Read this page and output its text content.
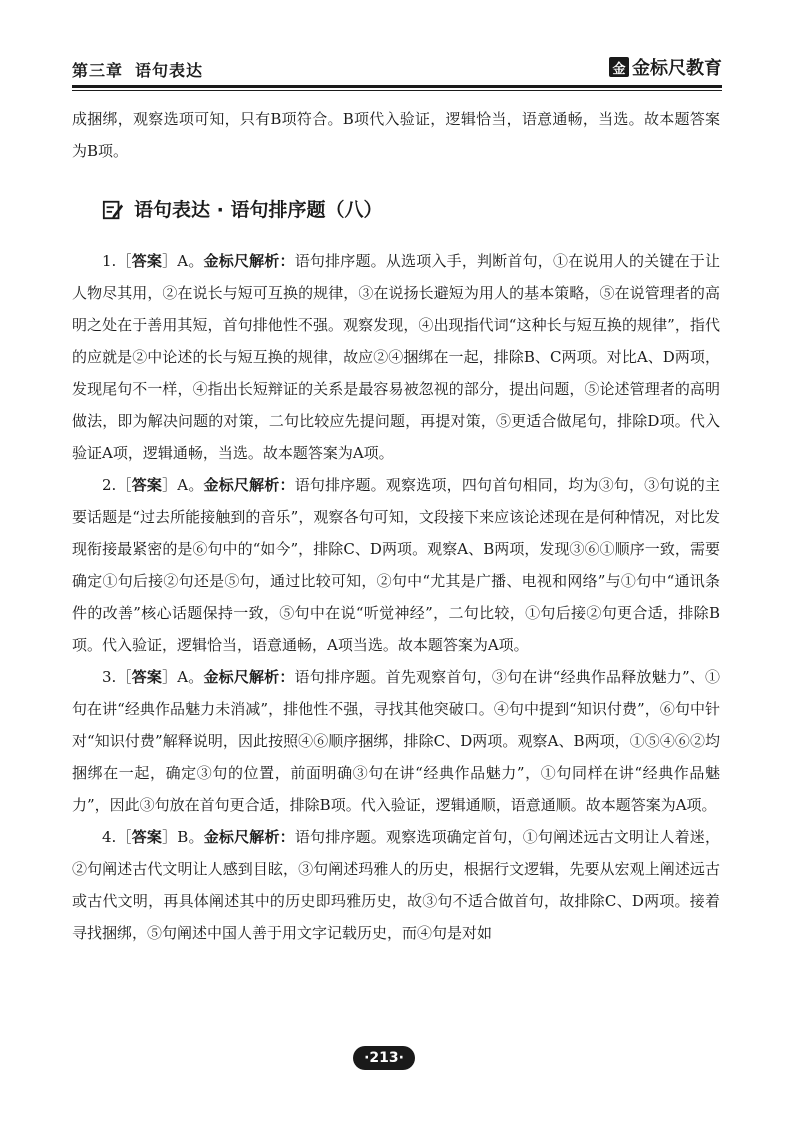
第三章 语句表达	金 金标尺教育

成捆绑，观察选项可知，只有B项符合。B项代入验证，逻辑恰当，语意通畅，当选。故本题答案为B项。

语句表达 · 语句排序题（八）

1.［答案］A。金标尺解析：语句排序题。从选项入手，判断首句，①在说用人的关键在于让人物尽其用，②在说长与短可互换的规律，③在说扬长避短为用人的基本策略，⑤在说管理者的高明之处在于善用其短，首句排他性不强。观察发现，④出现指代词“这种长与短互换的规律”，指代的应就是②中论述的长与短互换的规律，故应②④捆绑在一起，排除B、C两项。对比A、D两项，发现尾句不一样，④指出长短辩证的关系是最容易被忽视的部分，提出问题，⑤论述管理者的高明做法，即为解决问题的对策，二句比较应先提问题，再提对策，⑤更适合做尾句，排除D项。代入验证A项，逻辑通畅，当选。故本题答案为A项。

2.［答案］A。金标尺解析：语句排序题。观察选项，四句首句相同，均为③句，③句说的主要话题是“过去所能接触到的音乐”，观察各句可知，文段接下来应该论述现在是何种情况，对比发现衔接最紧密的是⑥句中的“如今”，排除C、D两项。观察A、B两项，发现③⑥①顺序一致，需要确定①句后接②句还是⑤句，通过比较可知，②句中“尤其是广播、电视和网络”与①句中“通讯条件的改善”核心话题保持一致，⑤句中在说“听觉神经”，二句比较，①句后接②句更合适，排除B项。代入验证，逻辑恰当，语意通畅，A项当选。故本题答案为A项。

3.［答案］A。金标尺解析：语句排序题。首先观察首句，③句在讲“经典作品释放魅力”、①句在讲“经典作品魅力未消减”，排他性不强，寻找其他突破口。④句中提到“知识付费”，⑥句中针对“知识付费”解释说明，因此按照④⑥顺序捆绑，排除C、D两项。观察A、B两项，①⑤④⑥②均捆绑在一起，确定③句的位置，前面明确③句在讲“经典作品魅力”，①句同样在讲“经典作品魅力”，因此③句放在首句更合适，排除B项。代入验证，逻辑通顺，语意通顺。故本题答案为A项。

4.［答案］B。金标尺解析：语句排序题。观察选项确定首句，①句阐述远古文明让人着迷，②句阐述古代文明让人感到目眩，③句阐述玛雅人的历史，根据行文逻辑，先要从宏观上阐述远古或古代文明，再具体阐述其中的历史即玛雅历史，故③句不适合做首句，故排除C、D两项。接着寻找捆绑，⑤句阐述中国人善于用文字记载历史，而④句是对如

·213·
